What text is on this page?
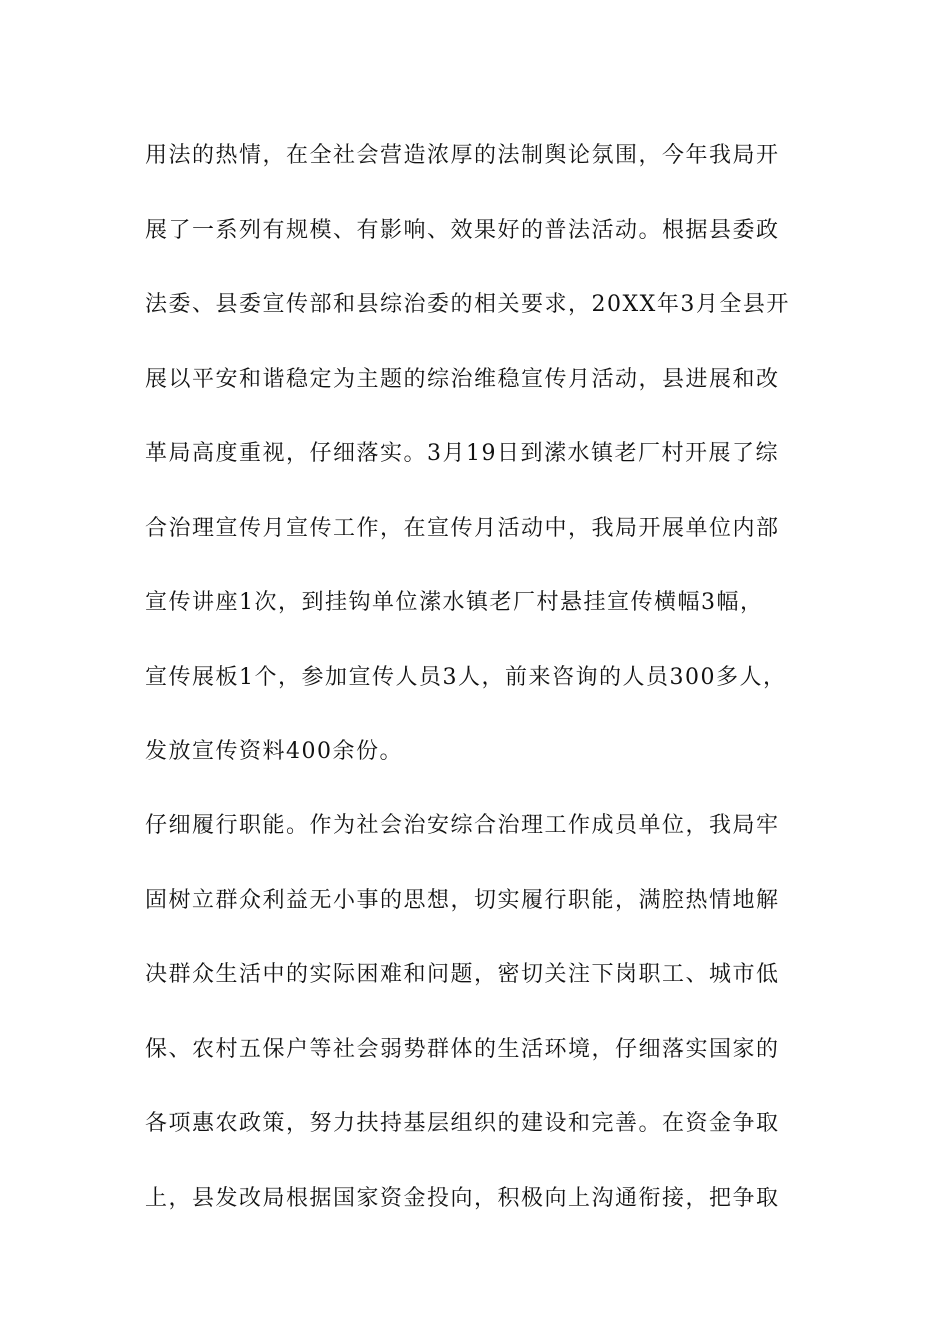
用法的热情，在全社会营造浓厚的法制舆论氛围，今年我局开
展了一系列有规模、有影响、效果好的普法活动。根据县委政
法委、县委宣传部和县综治委的相关要求，20XX年3月全县开
展以平安和谐稳定为主题的综治维稳宣传月活动，县进展和改
革局高度重视，仔细落实。3月19日到潆水镇老厂村开展了综
合治理宣传月宣传工作，在宣传月活动中，我局开展单位内部
宣传讲座1次，到挂钩单位潆水镇老厂村悬挂宣传横幅3幅，
宣传展板1个，参加宣传人员3人，前来咨询的人员300多人，
发放宣传资料400余份。
仔细履行职能。作为社会治安综合治理工作成员单位，我局牢
固树立群众利益无小事的思想，切实履行职能，满腔热情地解
决群众生活中的实际困难和问题，密切关注下岗职工、城市低
保、农村五保户等社会弱势群体的生活环境，仔细落实国家的
各项惠农政策，努力扶持基层组织的建设和完善。在资金争取
上，县发改局根据国家资金投向，积极向上沟通衔接，把争取
